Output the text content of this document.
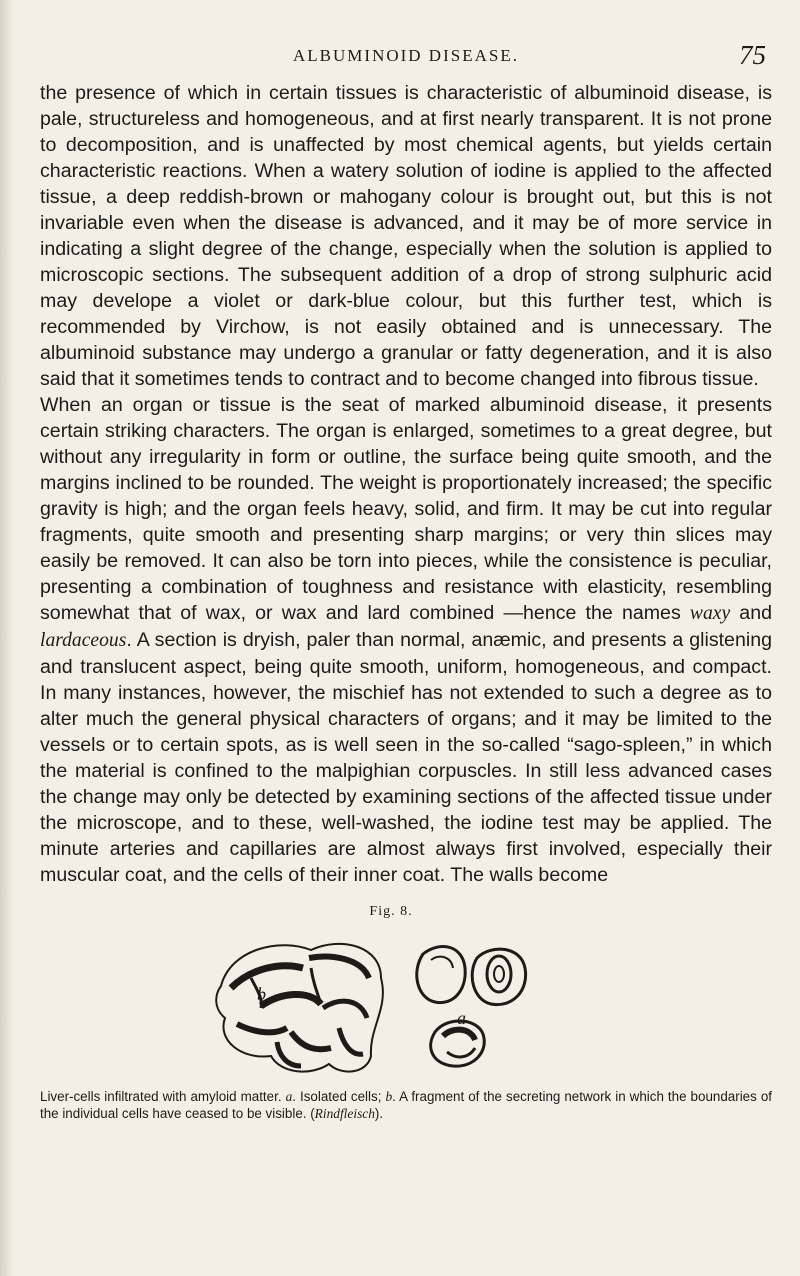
ALBUMINOID DISEASE.	75

the presence of which in certain tissues is characteristic of albuminoid disease, is pale, structureless and homogeneous, and at first nearly transparent. It is not prone to decomposition, and is unaffected by most chemical agents, but yields certain characteristic reactions. When a watery solution of iodine is applied to the affected tissue, a deep reddish-brown or mahogany colour is brought out, but this is not invariable even when the disease is advanced, and it may be of more service in indicating a slight degree of the change, especially when the solution is applied to microscopic sections. The subsequent addition of a drop of strong sulphuric acid may develope a violet or dark-blue colour, but this further test, which is recommended by Virchow, is not easily obtained and is unnecessary. The albuminoid substance may undergo a granular or fatty degeneration, and it is also said that it sometimes tends to contract and to become changed into fibrous tissue.

When an organ or tissue is the seat of marked albuminoid disease, it presents certain striking characters. The organ is enlarged, sometimes to a great degree, but without any irregularity in form or outline, the surface being quite smooth, and the margins inclined to be rounded. The weight is proportionately increased; the specific gravity is high; and the organ feels heavy, solid, and firm. It may be cut into regular fragments, quite smooth and presenting sharp margins; or very thin slices may easily be removed. It can also be torn into pieces, while the consistence is peculiar, presenting a combination of toughness and resistance with elasticity, resembling somewhat that of wax, or wax and lard combined —hence the names waxy and lardaceous. A section is dryish, paler than normal, anæmic, and presents a glistening and translucent aspect, being quite smooth, uniform, homogeneous, and compact. In many instances, however, the mischief has not extended to such a degree as to alter much the general physical characters of organs; and it may be limited to the vessels or to certain spots, as is well seen in the so-called “sago-spleen,” in which the material is confined to the malpighian corpuscles. In still less advanced cases the change may only be detected by examining sections of the affected tissue under the microscope, and to these, well-washed, the iodine test may be applied. The minute arteries and capillaries are almost always first involved, especially their muscular coat, and the cells of their inner coat. The walls become

Fig. 8.
b
a
Liver-cells infiltrated with amyloid matter. a. Isolated cells; b. A fragment of the secreting network in which the boundaries of the individual cells have ceased to be visible. (Rindfleisch).
